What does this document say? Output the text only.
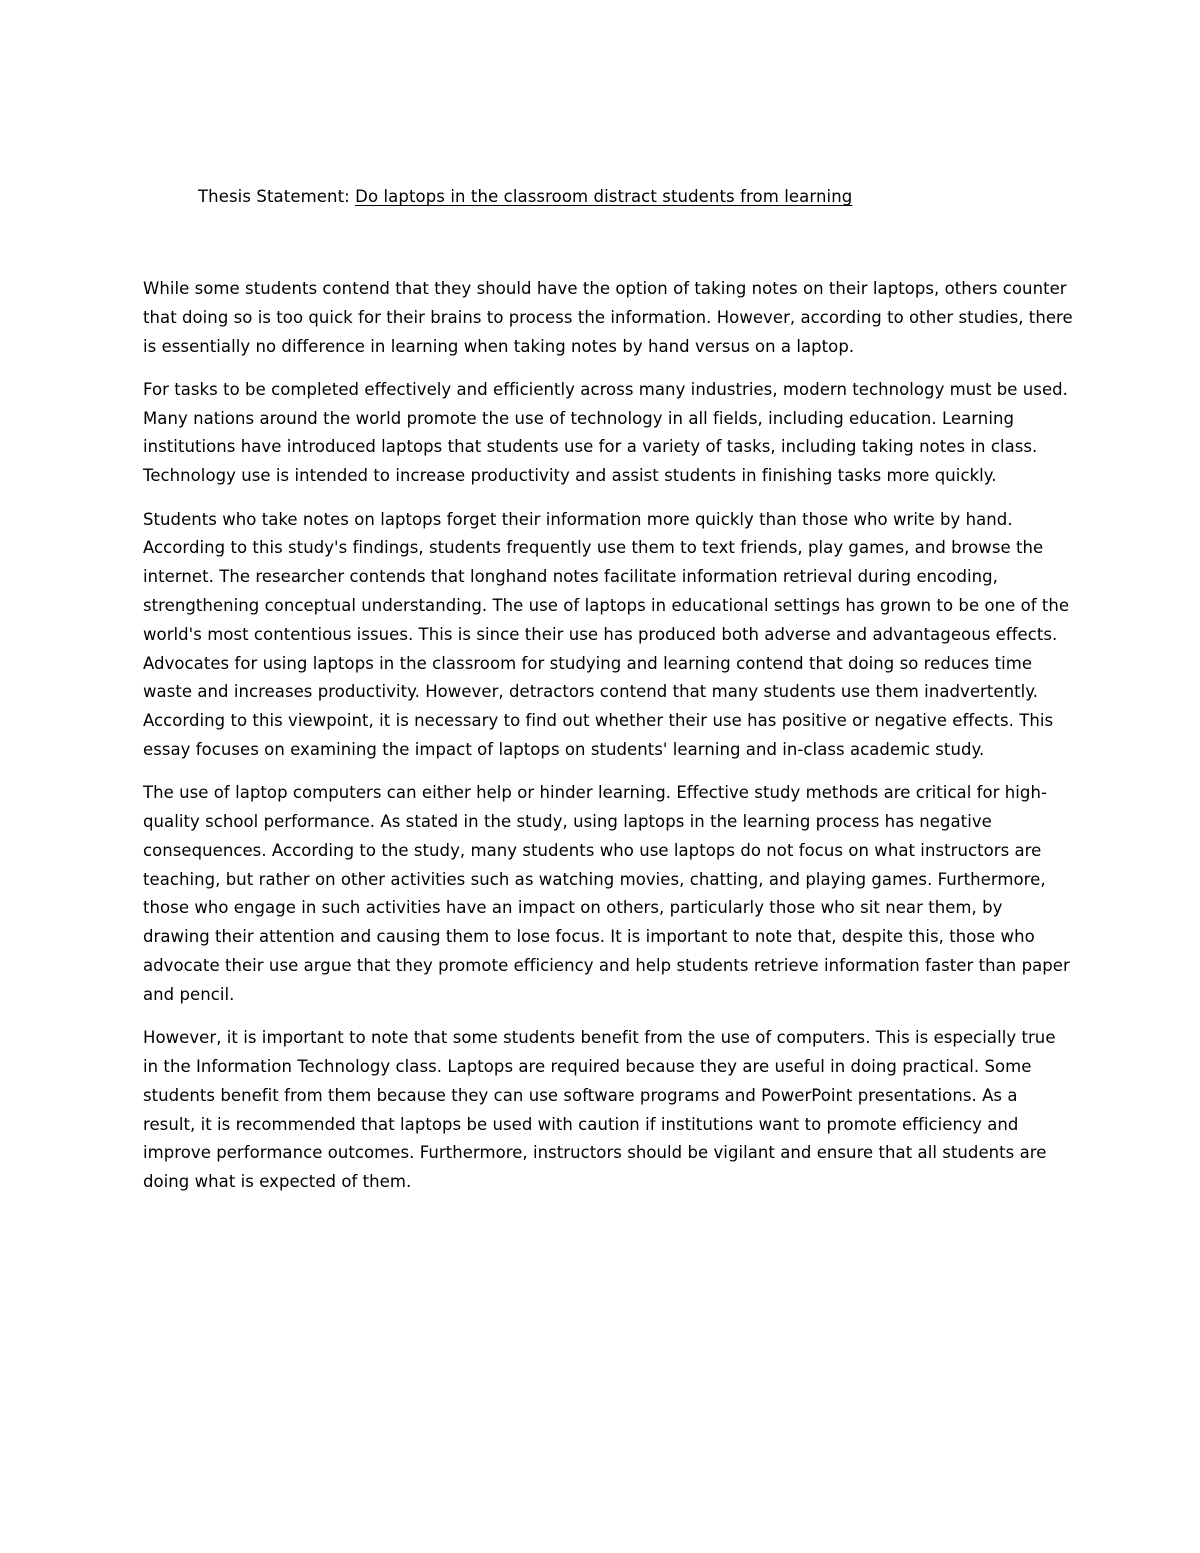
Thesis Statement: Do laptops in the classroom distract students from learning

While some students contend that they should have the option of taking notes on their laptops, others counter that doing so is too quick for their brains to process the information. However, according to other studies, there is essentially no difference in learning when taking notes by hand versus on a laptop.

For tasks to be completed effectively and efficiently across many industries, modern technology must be used. Many nations around the world promote the use of technology in all fields, including education. Learning institutions have introduced laptops that students use for a variety of tasks, including taking notes in class. Technology use is intended to increase productivity and assist students in finishing tasks more quickly.

Students who take notes on laptops forget their information more quickly than those who write by hand. According to this study's findings, students frequently use them to text friends, play games, and browse the internet. The researcher contends that longhand notes facilitate information retrieval during encoding, strengthening conceptual understanding. The use of laptops in educational settings has grown to be one of the world's most contentious issues. This is since their use has produced both adverse and advantageous effects. Advocates for using laptops in the classroom for studying and learning contend that doing so reduces time waste and increases productivity. However, detractors contend that many students use them inadvertently. According to this viewpoint, it is necessary to find out whether their use has positive or negative effects. This essay focuses on examining the impact of laptops on students' learning and in-class academic study.

The use of laptop computers can either help or hinder learning. Effective study methods are critical for high-quality school performance. As stated in the study, using laptops in the learning process has negative consequences. According to the study, many students who use laptops do not focus on what instructors are teaching, but rather on other activities such as watching movies, chatting, and playing games. Furthermore, those who engage in such activities have an impact on others, particularly those who sit near them, by drawing their attention and causing them to lose focus. It is important to note that, despite this, those who advocate their use argue that they promote efficiency and help students retrieve information faster than paper and pencil.

However, it is important to note that some students benefit from the use of computers. This is especially true in the Information Technology class. Laptops are required because they are useful in doing practical. Some students benefit from them because they can use software programs and PowerPoint presentations. As a result, it is recommended that laptops be used with caution if institutions want to promote efficiency and improve performance outcomes. Furthermore, instructors should be vigilant and ensure that all students are doing what is expected of them.
